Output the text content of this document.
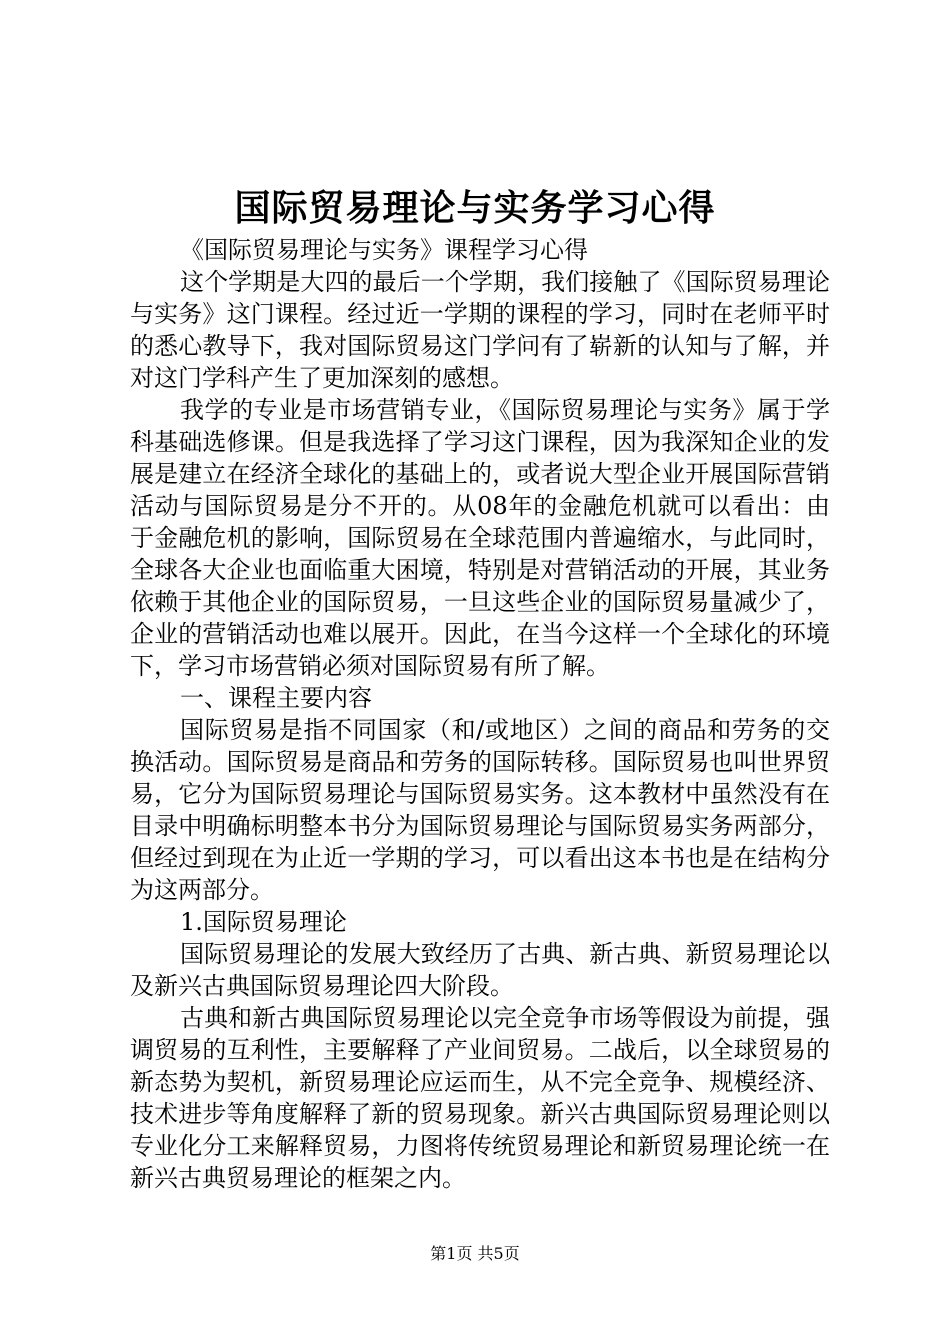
国际贸易理论与实务学习心得

《国际贸易理论与实务》课程学习心得

这个学期是大四的最后一个学期，我们接触了《国际贸易理论与实务》这门课程。经过近一学期的课程的学习，同时在老师平时的悉心教导下，我对国际贸易这门学问有了崭新的认知与了解，并对这门学科产生了更加深刻的感想。

我学的专业是市场营销专业，《国际贸易理论与实务》属于学科基础选修课。但是我选择了学习这门课程，因为我深知企业的发展是建立在经济全球化的基础上的，或者说大型企业开展国际营销活动与国际贸易是分不开的。从08年的金融危机就可以看出：由于金融危机的影响，国际贸易在全球范围内普遍缩水，与此同时，全球各大企业也面临重大困境，特别是对营销活动的开展，其业务依赖于其他企业的国际贸易，一旦这些企业的国际贸易量减少了，企业的营销活动也难以展开。因此，在当今这样一个全球化的环境下，学习市场营销必须对国际贸易有所了解。

一、课程主要内容

国际贸易是指不同国家（和/或地区）之间的商品和劳务的交换活动。国际贸易是商品和劳务的国际转移。国际贸易也叫世界贸易，它分为国际贸易理论与国际贸易实务。这本教材中虽然没有在目录中明确标明整本书分为国际贸易理论与国际贸易实务两部分，但经过到现在为止近一学期的学习，可以看出这本书也是在结构分为这两部分。

1.国际贸易理论

国际贸易理论的发展大致经历了古典、新古典、新贸易理论以及新兴古典国际贸易理论四大阶段。

古典和新古典国际贸易理论以完全竞争市场等假设为前提，强调贸易的互利性，主要解释了产业间贸易。二战后，以全球贸易的新态势为契机，新贸易理论应运而生，从不完全竞争、规模经济、技术进步等角度解释了新的贸易现象。新兴古典国际贸易理论则以专业化分工来解释贸易，力图将传统贸易理论和新贸易理论统一在新兴古典贸易理论的框架之内。

第1页 共5页
